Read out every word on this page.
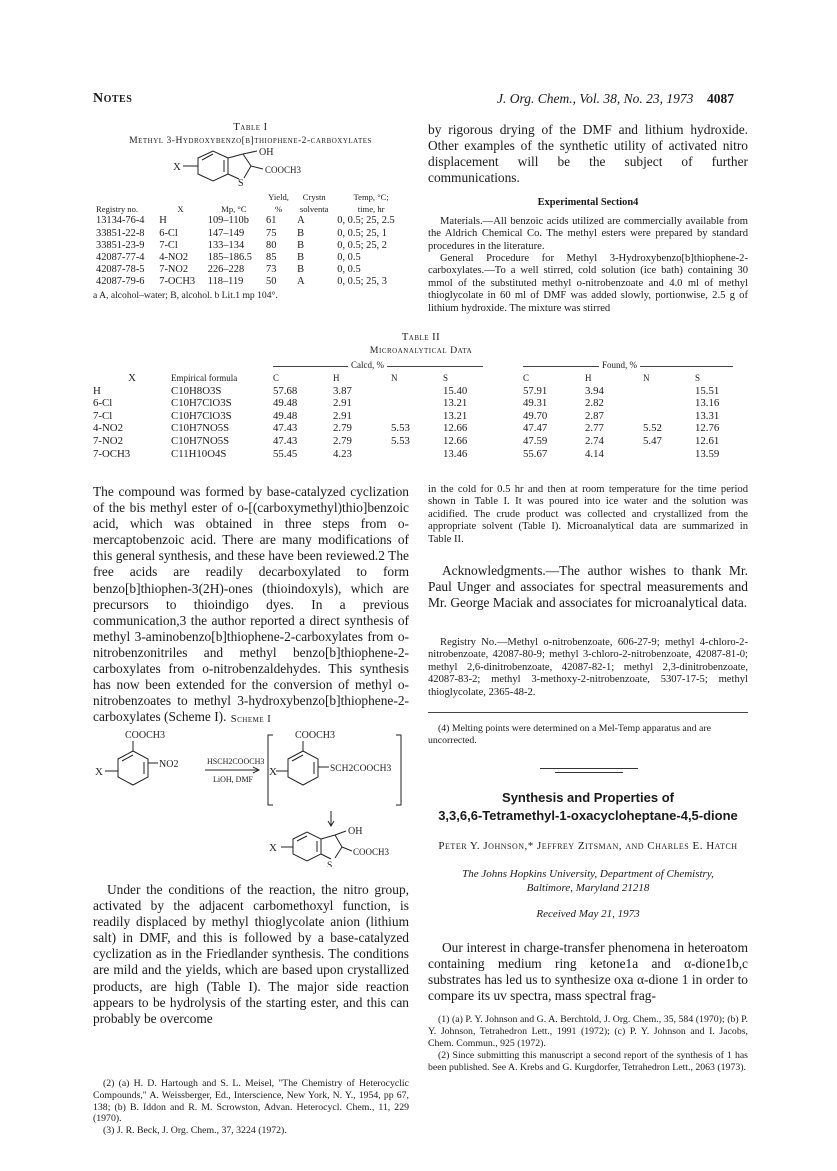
Notes	J. Org. Chem., Vol. 38, No. 23, 1973 4087
Table I
Methyl 3-Hydroxybenzo[b]thiophene-2-carboxylates
X
S
OH
COOCH3
			Yield,	Crystn	Temp, °C;
Registry no.	X	Mp, °C	%	solventa	time, hr
13134-76-4	H	109–110b	61	A	0, 0.5; 25, 2.5
33851-22-8	6-Cl	147–149	75	B	0, 0.5; 25, 1
33851-23-9	7-Cl	133–134	80	B	0, 0.5; 25, 2
42087-77-4	4-NO2	185–186.5	85	B	0, 0.5
42087-78-5	7-NO2	226–228	73	B	0, 0.5
42087-79-6	7-OCH3	118–119	50	A	0, 0.5; 25, 3
a A, alcohol–water; B, alcohol. b Lit.1 mp 104°.
by rigorous drying of the DMF and lithium hydroxide. Other examples of the synthetic utility of activated nitro displacement will be the subject of further communications.
Experimental Section4
Materials.—All benzoic acids utilized are commercially available from the Aldrich Chemical Co. The methyl esters were prepared by standard procedures in the literature.
General Procedure for Methyl 3-Hydroxybenzo[b]thiophene-2-carboxylates.—To a well stirred, cold solution (ice bath) containing 30 mmol of the substituted methyl o-nitrobenzoate and 4.0 ml of methyl thioglycolate in 60 ml of DMF was added slowly, portionwise, 2.5 g of lithium hydroxide. The mixture was stirred
Table II
Microanalytical Data
Calcd, %	Found, %
X	Empirical formula	C	H	N	S	C	H	N	S
H	C10H8O3S	57.68	3.87		15.40	57.91	3.94		15.51
6-Cl	C10H7ClO3S	49.48	2.91		13.21	49.31	2.82		13.16
7-Cl	C10H7ClO3S	49.48	2.91		13.21	49.70	2.87		13.31
4-NO2	C10H7NO5S	47.43	2.79	5.53	12.66	47.47	2.77	5.52	12.76
7-NO2	C10H7NO5S	47.43	2.79	5.53	12.66	47.59	2.74	5.47	12.61
7-OCH3	C11H10O4S	55.45	4.23		13.46	55.67	4.14		13.59
The compound was formed by base-catalyzed cyclization of the bis methyl ester of o-[(carboxymethyl)thio]benzoic acid, which was obtained in three steps from o-mercaptobenzoic acid. There are many modifications of this general synthesis, and these have been reviewed.2 The free acids are readily decarboxylated to form benzo[b]thiophen-3(2H)-ones (thioindoxyls), which are precursors to thioindigo dyes. In a previous communication,3 the author reported a direct synthesis of methyl 3-aminobenzo[b]thiophene-2-carboxylates from o-nitrobenzonitriles and methyl benzo[b]thiophene-2-carboxylates from o-nitrobenzaldehydes. This synthesis has now been extended for the conversion of methyl o-nitrobenzoates to methyl 3-hydroxybenzo[b]thiophene-2-carboxylates (Scheme I). Scheme I
COOCH3
NO2
X
HSCH2COOCH3
LiOH, DMF
COOCH3
SCH2COOCH3
X
X
S
OH
COOCH3
Under the conditions of the reaction, the nitro group, activated by the adjacent carbomethoxyl function, is readily displaced by methyl thioglycolate anion (lithium salt) in DMF, and this is followed by a base-catalyzed cyclization as in the Friedlander synthesis. The conditions are mild and the yields, which are based upon crystallized products, are high (Table I). The major side reaction appears to be hydrolysis of the starting ester, and this can probably be overcome
(2) (a) H. D. Hartough and S. L. Meisel, "The Chemistry of Heterocyclic Compounds," A. Weissberger, Ed., Interscience, New York, N. Y., 1954, pp 67, 138; (b) B. Iddon and R. M. Scrowston, Advan. Heterocycl. Chem., 11, 229 (1970).
(3) J. R. Beck, J. Org. Chem., 37, 3224 (1972).
in the cold for 0.5 hr and then at room temperature for the time period shown in Table I. It was poured into ice water and the solution was acidified. The crude product was collected and crystallized from the appropriate solvent (Table I). Microanalytical data are summarized in Table II.
Acknowledgments.—The author wishes to thank Mr. Paul Unger and associates for spectral measurements and Mr. George Maciak and associates for microanalytical data.
Registry No.—Methyl o-nitrobenzoate, 606-27-9; methyl 4-chloro-2-nitrobenzoate, 42087-80-9; methyl 3-chloro-2-nitrobenzoate, 42087-81-0; methyl 2,6-dinitrobenzoate, 42087-82-1; methyl 2,3-dinitrobenzoate, 42087-83-2; methyl 3-methoxy-2-nitrobenzoate, 5307-17-5; methyl thioglycolate, 2365-48-2.
(4) Melting points were determined on a Mel-Temp apparatus and are uncorrected.
Synthesis and Properties of
3,3,6,6-Tetramethyl-1-oxacycloheptane-4,5-dione
Peter Y. Johnson,* Jeffrey Zitsman, and Charles E. Hatch
The Johns Hopkins University, Department of Chemistry,
Baltimore, Maryland 21218
Received May 21, 1973
Our interest in charge-transfer phenomena in heteroatom containing medium ring ketone1a and α-dione1b,c substrates has led us to synthesize oxa α-dione 1 in order to compare its uv spectra, mass spectral frag-
(1) (a) P. Y. Johnson and G. A. Berchtold, J. Org. Chem., 35, 584 (1970); (b) P. Y. Johnson, Tetrahedron Lett., 1991 (1972); (c) P. Y. Johnson and I. Jacobs, Chem. Commun., 925 (1972).
(2) Since submitting this manuscript a second report of the synthesis of 1 has been published. See A. Krebs and G. Kurgdorfer, Tetrahedron Lett., 2063 (1973).
